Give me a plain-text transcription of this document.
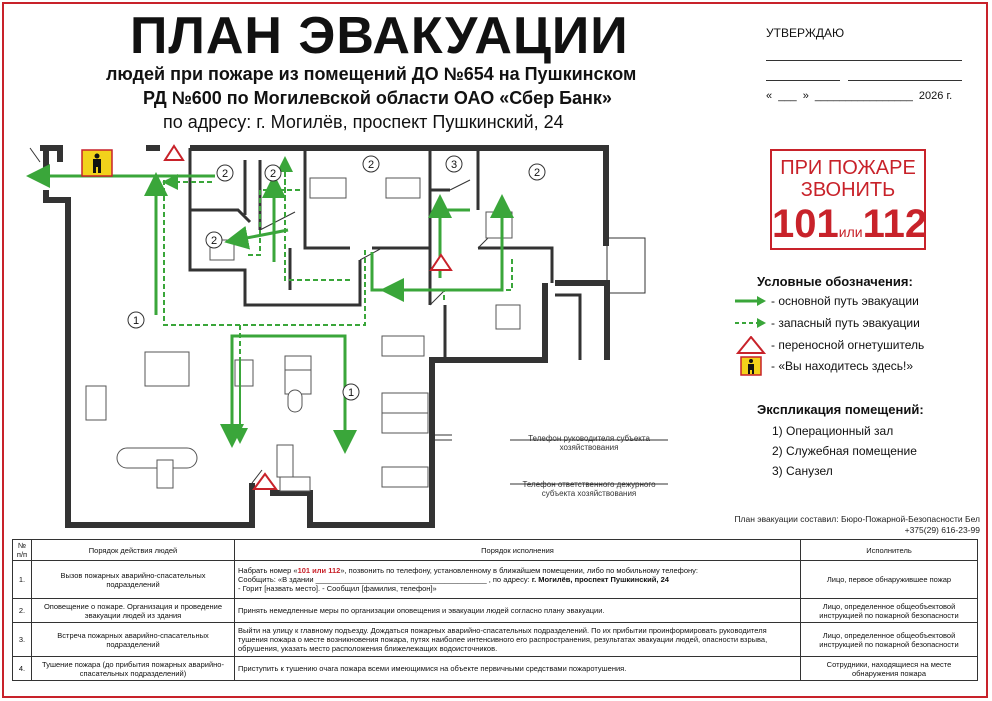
ПЛАН ЭВАКУАЦИИ
людей при пожаре из помещений ДО №654 на Пушкинском
РД №600 по Могилевской области ОАО «Сбер Банк»
по адресу: г. Могилёв, проспект Пушкинский, 24
УТВЕРЖДАЮ
«  ___  »  ________________  2026 г.
ПРИ ПОЖАРЕ
ЗВОНИТЬ
101или112
Условные обозначения:
- основной путь эвакуации
- запасный путь эвакуации
- переносной огнетушитель
- «Вы находитесь здесь!»
Экспликация помещений:
1) Операционный зал
2) Служебная помещение
3) Санузел
1
1
2
2
2
2
2
3
Телефон руководителя субъекта
хозяйствования
Телефон ответственного дежурного
субъекта хозяйствования
План эвакуации составил: Бюро-Пожарной-Безопасности Бел
+375(29) 616-23-99
№ п/п	Порядок действия людей	Порядок исполнения	Исполнитель
1.	Вызов пожарных аварийно-спасательных подразделений	Набрать номер «101 или 112», позвонить по телефону, установленному в ближайшем помещении, либо по мобильному телефону:
Сообщить: «В здании _________________________________________ , по адресу: г. Могилёв, проспект Пушкинский, 24
- Горит [назвать место]. - Сообщил [фамилия, телефон]»	Лицо, первое обнаружившее пожар
2.	Оповещение о пожаре. Организация и проведение эвакуации людей из здания	Принять немедленные меры по организации оповещения и эвакуации людей согласно плану эвакуации.	Лицо, определенное общеобъектовой инструкцией по пожарной безопасности
3.	Встреча пожарных аварийно-спасательных подразделений	Выйти на улицу к главному подъезду. Дождаться пожарных аварийно-спасательных подразделений. По их прибытии проинформировать руководителя тушения пожара о месте возникновения пожара, путях наиболее интенсивного его распространения, результатах эвакуации людей, опасности взрыва, обрушения, указать место расположения ближележащих водоисточников.	Лицо, определенное общеобъектовой инструкцией по пожарной безопасности
4.	Тушение пожара (до прибытия пожарных аварийно-спасательных подразделений)	Приступить к тушению очага пожара всеми имеющимися на объекте первичными средствами пожаротушения.	Сотрудники, находящиеся на месте обнаружения пожара
